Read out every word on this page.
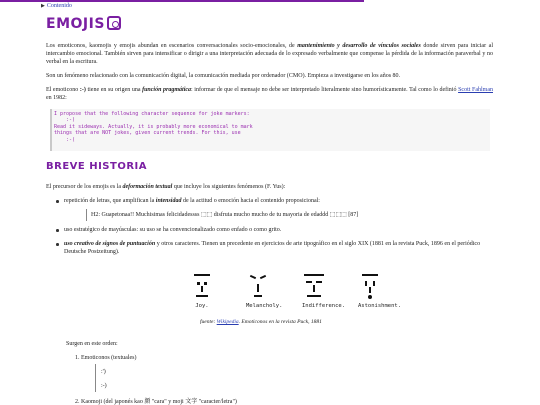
▶ Contenido
EMOJIS
Los emoticonos, kaomojis y emojis abundan en escenarios conversacionales socio-emocionales, de mantenimiento y desarrollo de vínculos sociales donde sirven para iniciar al intercambio emocional. También sirven para intensificar o dirigir a una interpretación adecuada de lo expresado verbalmente que compense la pérdida de la información paraverbal y no verbal en la escritura.
Son un fenómeno relacionado con la comunicación digital, la comunicación mediada por ordenador (CMO). Empieza a investigarse en los años 80.
El emoticono :-) tiene en su origen una función pragmática: informar de que el mensaje no debe ser interpretado literalmente sino humorísticamente. Tal como lo definió Scott Fahlman en 1982:
I propose that the following character sequence for joke markers:
:-)
Read it sideways. Actually, it is probably more economical to mark
things that are NOT jokes, given current trends. For this, use
:-(
BREVE HISTORIA
El precursor de los emojis es la deformación textual que incluye los siguientes fenómenos (F. Yus):
repetición de letras, que amplifican la intensidad de la actitud o emoción hacia el contenido proposicional:
H2: Guapetonaa!! Muchisimas felicidadessss ⬚⬚ disfruta mucho mucho de tu mayoria de edaddd ⬚⬚⬚ [87]
uso estratégico de mayúsculas: su uso se ha convencionalizado como enfado o como grito.
uso creativo de signos de puntuación y otros caracteres. Tienen un precedente en ejercicios de arte tipográfico en el siglo XIX (1881 en la revista Puck, 1896 en el periódico Deutsche Postzeitung).
Joy.	Melancholy.	Indifference. Astonishment.
fuente: Wikipedia. Emoticonos en la revista Puck, 1881
Surgen en este orden:
1. Emoticonos (textuales)
:')
:-)
2. Kaomoji (del japonés kao 顔 "cara" y moji 文字 "caracter/letra")
